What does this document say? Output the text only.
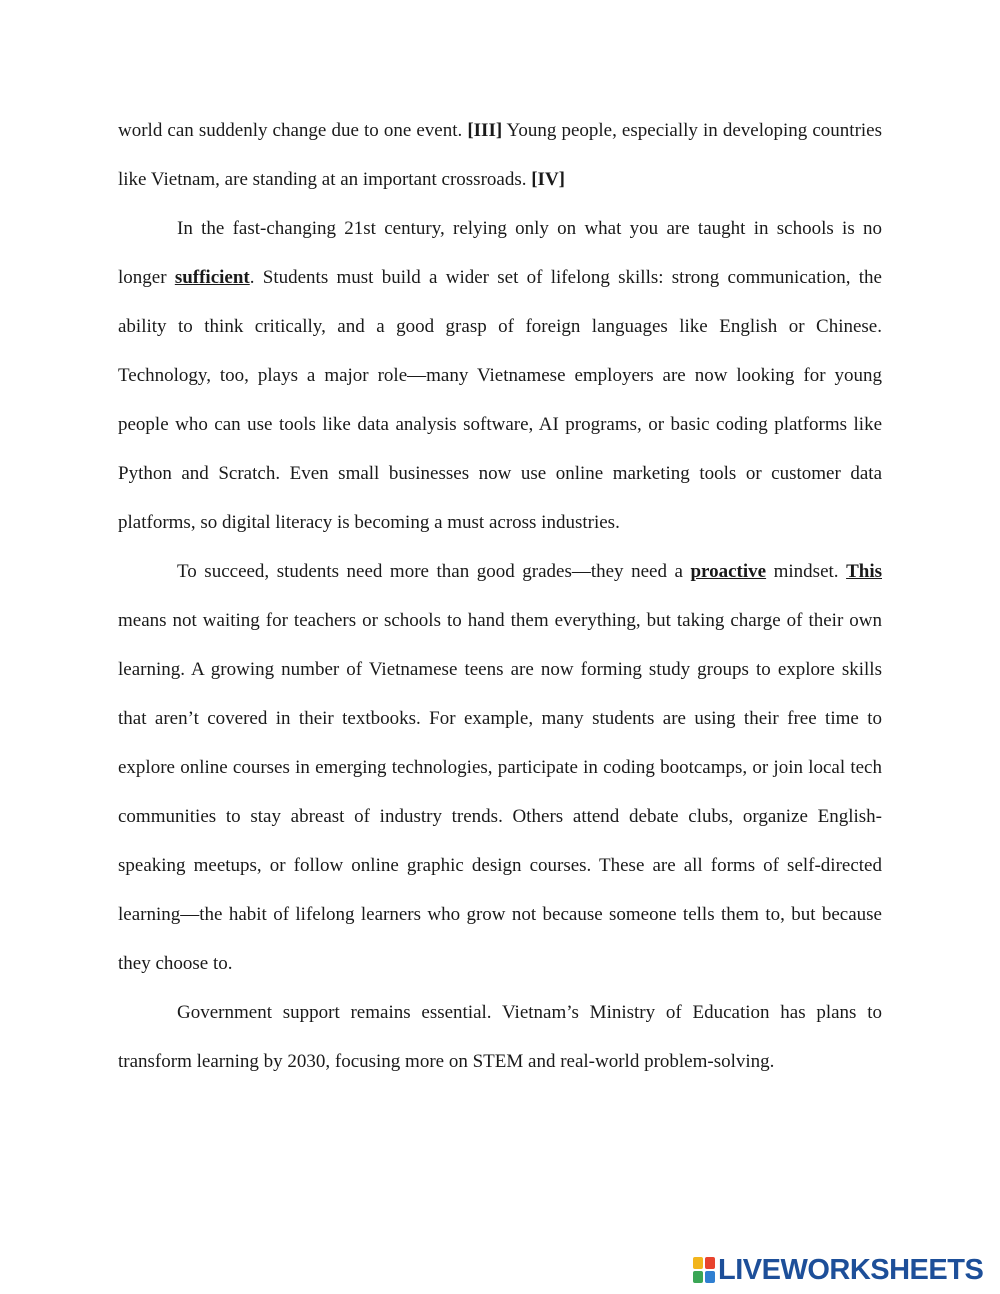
world can suddenly change due to one event. [III] Young people, especially in developing countries like Vietnam, are standing at an important crossroads. [IV]

In the fast-changing 21st century, relying only on what you are taught in schools is no longer sufficient. Students must build a wider set of lifelong skills: strong communication, the ability to think critically, and a good grasp of foreign languages like English or Chinese. Technology, too, plays a major role—many Vietnamese employers are now looking for young people who can use tools like data analysis software, AI programs, or basic coding platforms like Python and Scratch. Even small businesses now use online marketing tools or customer data platforms, so digital literacy is becoming a must across industries.

To succeed, students need more than good grades—they need a proactive mindset. This means not waiting for teachers or schools to hand them everything, but taking charge of their own learning. A growing number of Vietnamese teens are now forming study groups to explore skills that aren’t covered in their textbooks. For example, many students are using their free time to explore online courses in emerging technologies, participate in coding bootcamps, or join local tech communities to stay abreast of industry trends. Others attend debate clubs, organize English-speaking meetups, or follow online graphic design courses. These are all forms of self-directed learning—the habit of lifelong learners who grow not because someone tells them to, but because they choose to.

Government support remains essential. Vietnam’s Ministry of Education has plans to transform learning by 2030, focusing more on STEM and real-world problem-solving.

LIVEWORKSHEETS
